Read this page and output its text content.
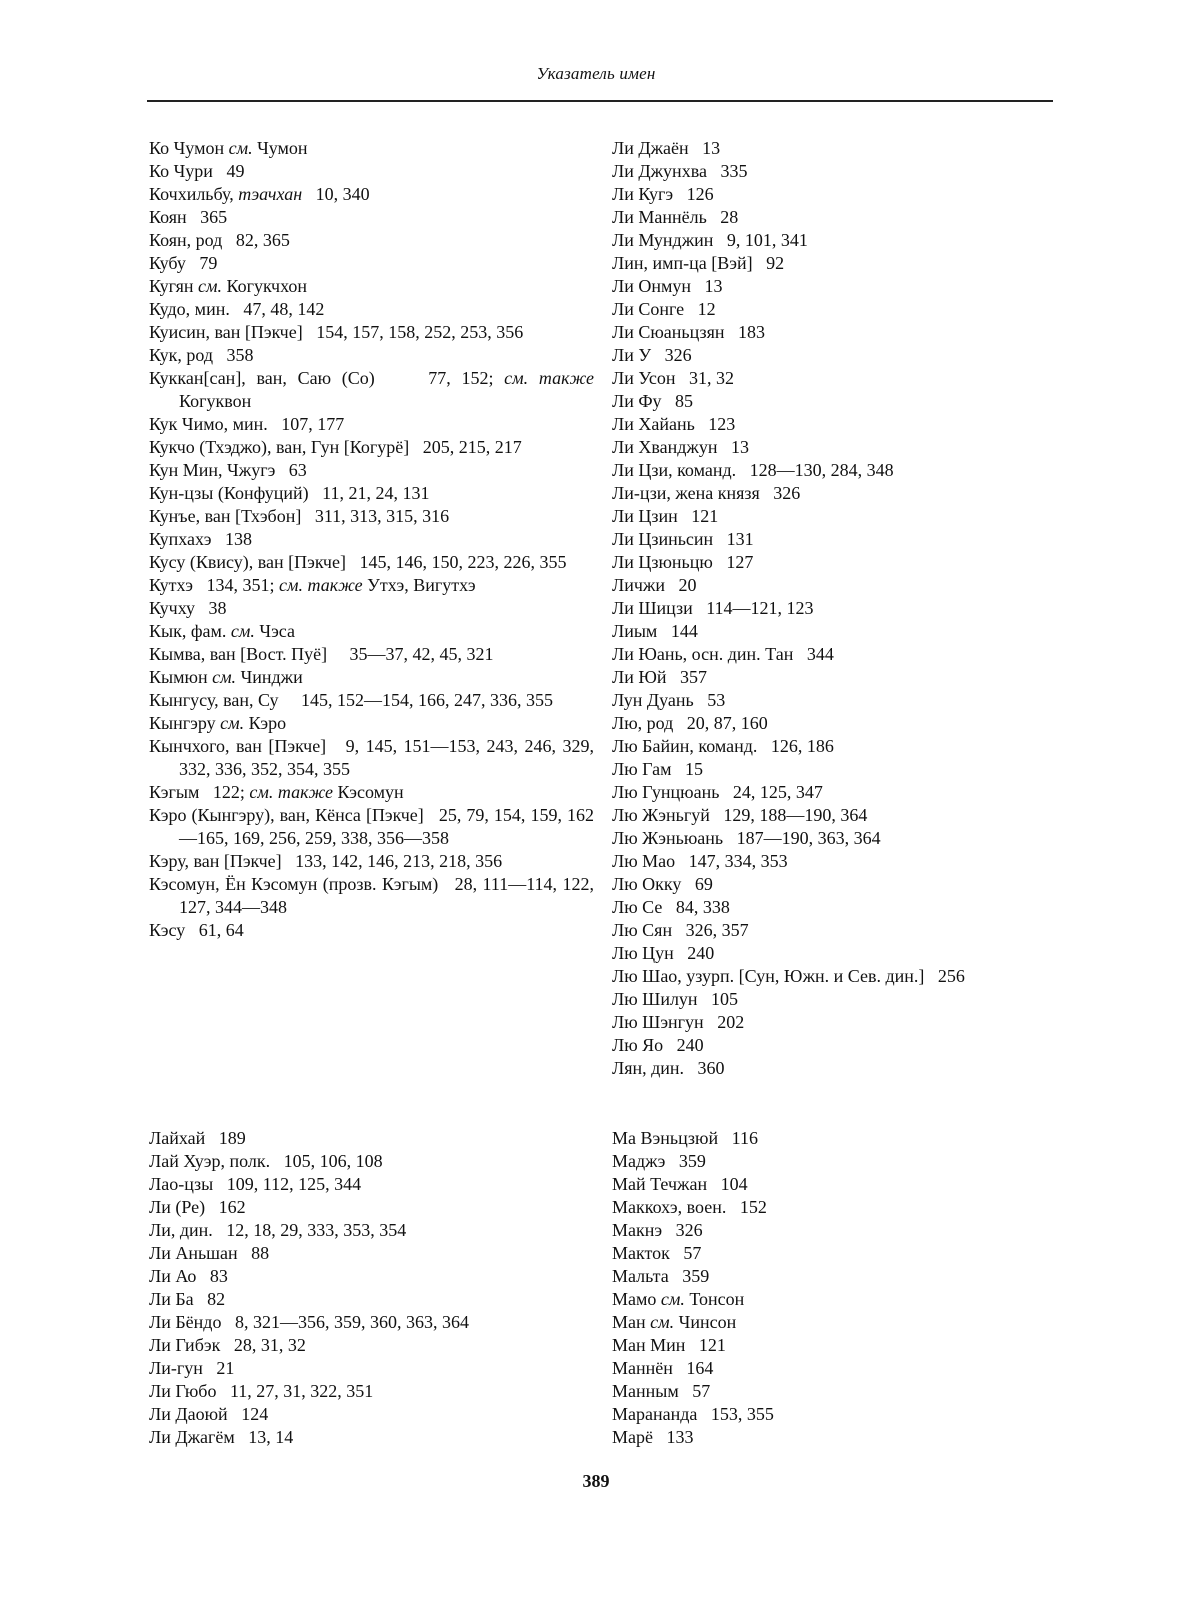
Указатель имен

Ко Чумон см. Чумон

Ко Чури   49

Кочхильбу, тэачхан   10, 340

Коян   365

Коян, род   82, 365

Кубу   79

Кугян см. Когукчхон

Кудо, мин.   47, 48, 142

Куисин, ван [Пэкче]   154, 157, 158, 252, 253, 356

Кук, род   358

Куккан[сан], ван, Саю (Со)     77, 152; см. также Когуквон

Кук Чимо, мин.   107, 177

Кукчо (Тхэджо), ван, Гун [Когурё]   205, 215, 217

Кун Мин, Чжугэ   63

Кун-цзы (Конфуций)   11, 21, 24, 131

Кунъе, ван [Тхэбон]   311, 313, 315, 316

Купхахэ   138

Кусу (Квису), ван [Пэкче]   145, 146, 150, 223, 226, 355

Кутхэ   134, 351; см. также Утхэ, Вигутхэ

Кучху   38

Кык, фам. см. Чэса

Кымва, ван [Вост. Пуё]     35—37, 42, 45, 321

Кымюн см. Чинджи

Кынгусу, ван, Су     145, 152—154, 166, 247, 336, 355

Кынгэру см. Кэро

Кынчхого, ван [Пэкче]   9, 145, 151—153, 243, 246, 329, 332, 336, 352, 354, 355

Кэгым   122; см. также Кэсомун

Кэро (Кынгэру), ван, Кёнса [Пэкче]   25, 79, 154, 159, 162—165, 169, 256, 259, 338, 356—358

Кэру, ван [Пэкче]   133, 142, 146, 213, 218, 356

Кэсомун, Ён Кэсомун (прозв. Кэгым)   28, 111—114, 122, 127, 344—348

Кэсу   61, 64

Ли Джаён   13

Ли Джунхва   335

Ли Кугэ   126

Ли Маннёль   28

Ли Мунджин   9, 101, 341

Лин, имп-ца [Вэй]   92

Ли Онмун   13

Ли Сонге   12

Ли Сюаньцзян   183

Ли У   326

Ли Усон   31, 32

Ли Фу   85

Ли Хайань   123

Ли Хванджун   13

Ли Цзи, команд.   128—130, 284, 348

Ли-цзи, жена князя   326

Ли Цзин   121

Ли Цзиньсин   131

Ли Цзюньцю   127

Личжи   20

Ли Шицзи   114—121, 123

Лиым   144

Ли Юань, осн. дин. Тан   344

Ли Юй   357

Лун Дуань   53

Лю, род   20, 87, 160

Лю Байин, команд.   126, 186

Лю Гам   15

Лю Гунцюань   24, 125, 347

Лю Жэньгуй   129, 188—190, 364

Лю Жэньюань   187—190, 363, 364

Лю Мао   147, 334, 353

Лю Окку   69

Лю Се   84, 338

Лю Сян   326, 357

Лю Цун   240

Лю Шао, узурп. [Сун, Южн. и Сев. дин.]   256

Лю Шилун   105

Лю Шэнгун   202

Лю Яо   240

Лян, дин.   360

Лайхай   189

Лай Хуэр, полк.   105, 106, 108

Лао-цзы   109, 112, 125, 344

Ли (Ре)   162

Ли, дин.   12, 18, 29, 333, 353, 354

Ли Аньшан   88

Ли Ао   83

Ли Ба   82

Ли Бёндо   8, 321—356, 359, 360, 363, 364

Ли Гибэк   28, 31, 32

Ли-гун   21

Ли Гюбо   11, 27, 31, 322, 351

Ли Даоюй   124

Ли Джагём   13, 14

Ма Вэньцзюй   116

Маджэ   359

Май Течжан   104

Маккохэ, воен.   152

Макнэ   326

Макток   57

Мальта   359

Мамо см. Тонсон

Ман см. Чинсон

Ман Мин   121

Маннён   164

Манным   57

Марананда   153, 355

Марё   133

389
